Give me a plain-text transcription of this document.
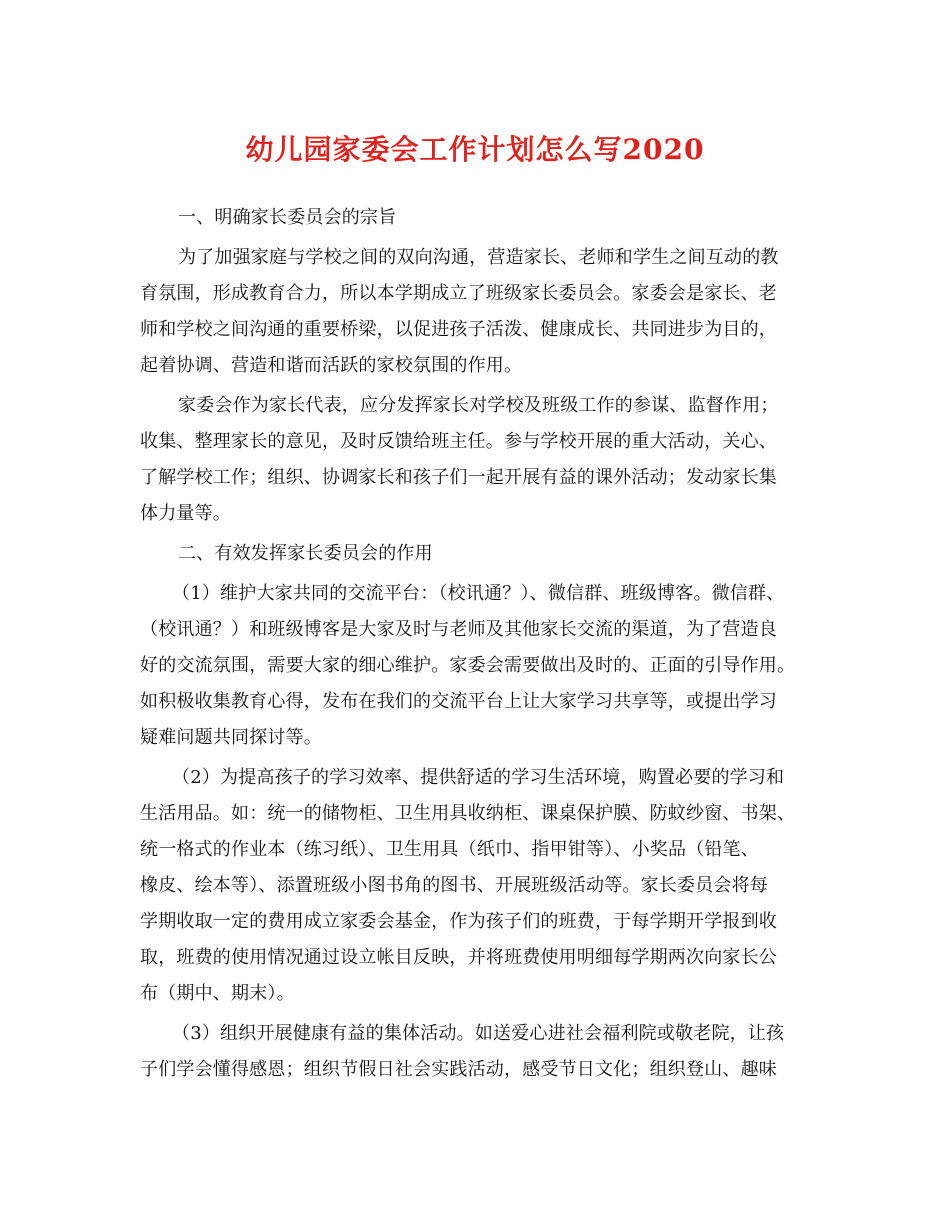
幼儿园家委会工作计划怎么写2020
一、明确家长委员会的宗旨
为了加强家庭与学校之间的双向沟通，营造家长、老师和学生之间互动的教
育氛围，形成教育合力，所以本学期成立了班级家长委员会。家委会是家长、老
师和学校之间沟通的重要桥梁，以促进孩子活泼、健康成长、共同进步为目的，
起着协调、营造和谐而活跃的家校氛围的作用。
家委会作为家长代表，应分发挥家长对学校及班级工作的参谋、监督作用；
收集、整理家长的意见，及时反馈给班主任。参与学校开展的重大活动，关心、
了解学校工作；组织、协调家长和孩子们一起开展有益的课外活动；发动家长集
体力量等。
二、有效发挥家长委员会的作用
（1）维护大家共同的交流平台：（校讯通？）、微信群、班级博客。微信群、
（校讯通？）和班级博客是大家及时与老师及其他家长交流的渠道，为了营造良
好的交流氛围，需要大家的细心维护。家委会需要做出及时的、正面的引导作用。
如积极收集教育心得，发布在我们的交流平台上让大家学习共享等，或提出学习
疑难问题共同探讨等。
（2）为提高孩子的学习效率、提供舒适的学习生活环境，购置必要的学习和
生活用品。如：统一的储物柜、卫生用具收纳柜、课桌保护膜、防蚊纱窗、书架、
统一格式的作业本（练习纸）、卫生用具（纸巾、指甲钳等）、小奖品（铅笔、
橡皮、绘本等）、添置班级小图书角的图书、开展班级活动等。家长委员会将每
学期收取一定的费用成立家委会基金，作为孩子们的班费，于每学期开学报到收
取，班费的使用情况通过设立帐目反映，并将班费使用明细每学期两次向家长公
布（期中、期末）。
（3）组织开展健康有益的集体活动。如送爱心进社会福利院或敬老院，让孩
子们学会懂得感恩；组织节假日社会实践活动，感受节日文化；组织登山、趣味
